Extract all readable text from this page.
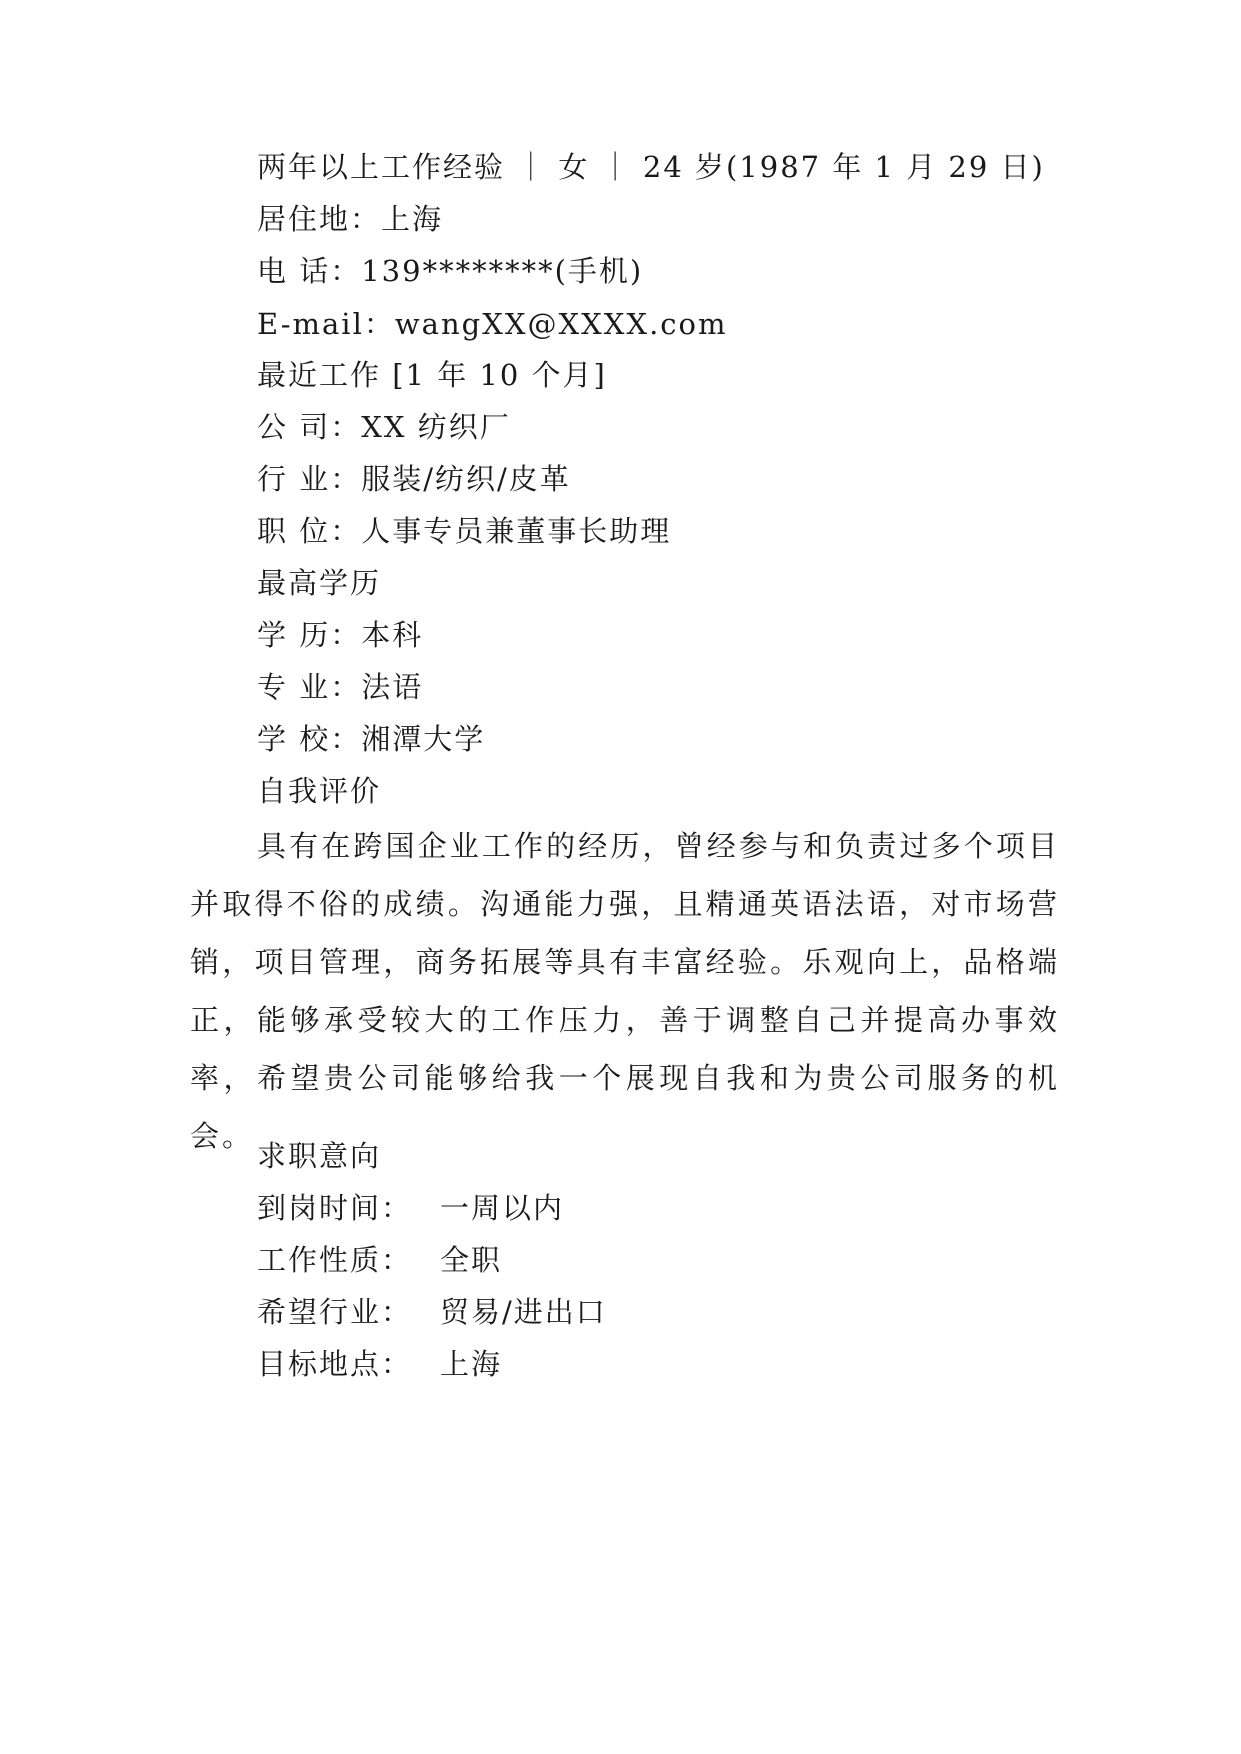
两年以上工作经验 ｜ 女 ｜ 24 岁(1987 年 1 月 29 日)
居住地：上海
电 话：139********(手机)
E-mail：wangXX@XXXX.com
最近工作 [1 年 10 个月]
公 司：XX 纺织厂
行 业：服装/纺织/皮革
职 位：人事专员兼董事长助理
最高学历
学 历：本科
专 业：法语
学 校：湘潭大学
自我评价
具有在跨国企业工作的经历，曾经参与和负责过多个项目并取得不俗的成绩。沟通能力强，且精通英语法语，对市场营销，项目管理，商务拓展等具有丰富经验。乐观向上，品格端正，能够承受较大的工作压力，善于调整自己并提高办事效率，希望贵公司能够给我一个展现自我和为贵公司服务的机会。
求职意向
到岗时间： 一周以内
工作性质： 全职
希望行业： 贸易/进出口
目标地点： 上海
